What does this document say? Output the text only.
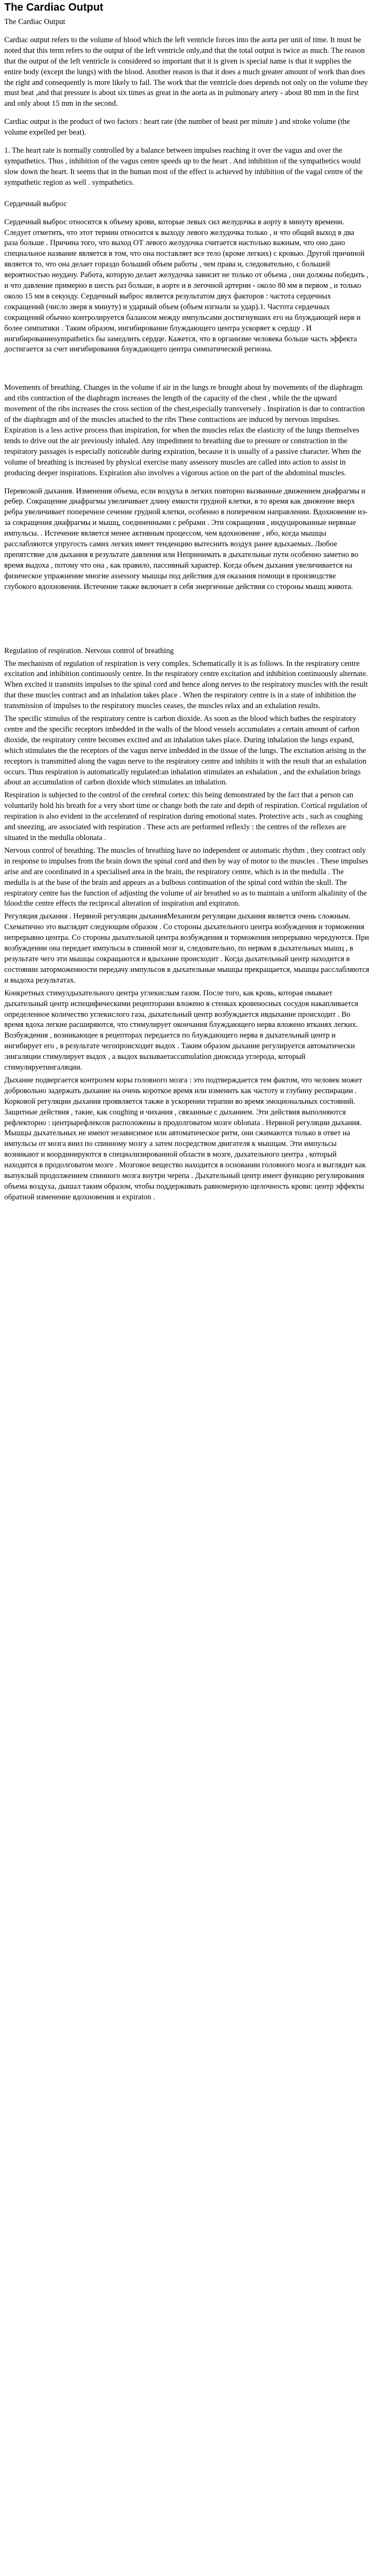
The Cardiac Output

The Cardiac Output

Cardiac output refers to the volume of blood which the left ventricle forces into the aorta per unit of time. It must be noted that this term refers to the output of the left ventricle only,and that the total output is twice as much. The reason that the output of the left ventricle is considered so important that it is given is special name is that it supplies the entire body (except the lungs) with the blood. Another reason is that it does a much greater amount of work than does the right and consequently is more likely to fail. The work that the ventricle does depends not only on the volume they must beat ,and that pressure is about six times as great in the aorta as in pulmonary artery - about 80 mm in the first and only about 15 mm in the second.

Cardiac output is the product of two factors : heart rate (the number of beast per minute ) and stroke volume (the volume expelled per beat).

1. The heart rate is normally controlled by a balance between impulses reaching it over the vagus and over the sympathetics. Thus , inhibition of the vagus centre speeds up to the heart . And inhibition of the sympathetics would slow down the heart. It seems that in the human most of the effect is achieved by inhibition of the vagal centre of the sympathetic region as well . sympathetics.

Сердечный выброс

Сердечный выброс относится к объему крови, которые левых сил желудочка в аорту в минуту времени. Следует отметить, что этот термин относится к выходу левого желудочка только , и что общий выход в два раза больше . Причина того, что выход ОТ левого желудочка считается настолько важным, что оно дано специальное название является в том, что она поставляет все тело (кроме легких) с кровью. Другой причиной является то, что она делает гораздо больший объем работы , чем права и, следовательно, с большей вероятностью неудачу. Работа, которую делает желудочка зависит не только от объема , они должны победить , и что давление примерно в шесть раз больше, в аорте и в легочной артерии - около 80 мм в первом , и только около 15 мм в секунду. Сердечный выброс является результатом двух факторов : частота сердечных сокращений (число зверя в минуту) и ударный объем (объем изгнали за удар).1. Частота сердечных сокращений обычно контролируется балансом между импульсами достигнувших его на блуждающей нерв и более симпатики . Таким образом, ингибирование блуждающего центра ускоряет к сердцу . И ингибированиеsympathetics бы замедлить сердце. Кажется, что в организме человека больше часть эффекта достигается за счет ингибирования блуждающего центра симпатической региона.

Movements of breathing. Changes in the volume if air in the lungs re brought about by movements of the diaphragm and ribs contraction of the diaphragm increases the length of the capacity of the chest , while the the upward movement of the ribs increases the cross section of the chest,especially transversely . Inspiration is due to contraction of the diaphragm and of the muscles attached to the ribs These contractions are induced by nervous impulses. Expiration is a less active process than inspiration, for when the muscles relax the elasticity of the lungs themselves tends to drive out the air previously inhaled. Any impediment to breathing due to pressure or constraction in the respiratory passages is especially noticeable during expiration, because it is usually of a passive character. When the volume of breathing is increased by physical exercise many assessory muscles are called into action to assist in producing deeper inspirations. Expiration also involves a vigorous action on the part of the abdominal muscles.

Перевозкой дыхания. Изменения объема, если воздуха в легких повторно вызванные движением диафрагмы и ребер. Сокращение диафрагмы увеличивает длину емкости грудной клетки, в то время как движение вверх ребра увеличивает поперечное сечение грудной клетки, особенно в поперечном направлении. Вдохновение из-за сокращения диафрагмы и мышц, соединенными с ребрами . Эти сокращения , индуцированные нервные импульсы. . Истечение является менее активным процессом, чем вдохновение , ибо, когда мышцы расслабляются упругость самих легких имеет тенденцию вытеснить воздух ранее вдыхаемых. Любое препятствие для дыхания в результате давления или Непринимать в дыхательные пути особенно заметно во время выдоха , потому что она , как правило, пассивный характер. Когда объем дыхания увеличивается на физическое упражнение многие assessory мышцы под действия для оказания помощи в производстве глубокого вдохновения. Истечение также включает в себя энергичные действия со стороны мышц живота.

Regulation of respiration. Nervous control of breathing

The mechanism of regulation of respiration is very complex. Schematically it is as follows. In the respiratory centre excitation and inhibition continuously centre. In the respiratory centre excitation and inhibition continuously alternate. When excited it transmits impulses to the spinal cord and hence along nerves to the respiratory muscles with the result that these muscles contract and an inhalation takes place . When the respiratory centre is in a state of inhibition the transmission of impulses to the respiratory muscles ceases, the muscles relax and an exhalation results.

The specific stimulus of the respiratory centre is carbon dioxide. As soon as the blood which bathes the respiratory centre and the specific receptors imbedded in the walls of the blood vessels accumulates a certain amount of carbon dioxide, the respiratory centre becomes excited and an inhalation takes place. During inhalation the lungs expand, which stimulates the the receptors of the vagus nerve imbedded in the tissue of the lungs. The excitation arising in the receptors is transmitted along the vagus nerve to the respiratory centre and inhibits it with the result that an exhalation occurs. Thus respiration is automatically regulated:an inhalation stimulates an exhalation , and the exhalation brings about an accumulation of carbon dioxide which stimulates an inhalation.

Respiration is subjected to the control of the cerebral cortex: this being demonstrated by the fact that a person can voluntarily hold his breath for a very short time or change both the rate and depth of respiration. Cortical regulation of respiration is also evident in the accelerated of respiration during emotional states. Protective acts , such as coughing and sneezing, are associated with respiration . These acts are performed reflexly : the centres of the reflexes are situated in the medulla oblonata .

Nervous control of breathing. The muscles of breathing have no independent or automatic rhythm , they contract only in response to impulses from the brain down the spinal cord and then by way of motor to the muscles . These impulses arise and are coordinated in a specialised area in the brain, the respiratory centre, which is in the medulla . The medulla is at the base of the brain and appears as a bulbous continuation of the spinal cord within the skull. The respiratory centre has the function of adjusting the volume of air breathed so as to maintain a uniform alkalinity of the blood:the centre effects the reciprocal alteration of inspiration and expiraton.

Регуляция дыхания . Нервной регуляции дыханияМеханизм регуляции дыхания является очень сложным. Схематично это выглядит следующим образом . Со стороны дыхательного центра возбуждения и торможения непрерывно центра. Со стороны дыхательной центра возбуждения и торможения непрерывно чередуются. При возбуждении она передает импульсы в спинной мозг и, следовательно, по нервам в дыхательных мышц , в результате чего эти мышцы сокращаются и вдыхание происходит . Когда дыхательный центр находится в состоянии заторможенности передачу импульсов в дыхательные мышцы прекращается, мышцы расслабляются и выдоха результатах.

Конкретных стимулдыхательного центра углекислым газом. После того, как кровь, которая омывает дыхательный центр испецифическими рецепторами вложено в стенках кровеносных сосудов накапливается определенное количество углекислого газа, дыхательный центр возбуждается ивдыхание происходит . Во время вдоха легкие расширяются, что стимулирует окончания блуждающего нерва вложено втканях легких. Возбуждения , возникающее в рецепторах передается по блуждающего нерва в дыхательный центр и ингибирует его , в результате чегопроисходит выдох . Таким образом дыхание регулируется автоматически :ингаляции стимулирует выдох , а выдох вызываетaccumulation диоксида углерода, который стимулируетингаляции.

Дыхание подвергается контролем коры головного мозга : это подтверждается тем фактом, что человек может добровольно задержать дыхание на очень короткое время или изменить как частоту и глубину респирации . Корковой регуляции дыхания проявляется также в ускорении терапии во время эмоциональных состояний. Защитные действия , такие, как coughing и чихания , связанные с дыханием. Эти действия выполняются рефлекторно : центрырефлексов расположены в продолговатом мозге oblonata . Нервной регуляции дыхания. Мышцы дыхательных не имеют независимое или автоматическое ритм, они сжимаются только в ответ на импульсы от мозга вниз по спинному мозгу а затем посредством двигателя к мышцам. Эти импульсы возникают и координируются в специализированной области в мозге, дыхательного центра , который находится в продолговатом мозге . Мозговое вещество находится в основании головного мозга и выглядит как выпуклый продолжением спинного мозга внутри черепа . Дыхательный центр имеет функцию регулирования объема воздуха, дышал таким образом, чтобы поддерживать равномерную щелочность крови: центр эффекты обратной изменение вдохновения и expiraton .
